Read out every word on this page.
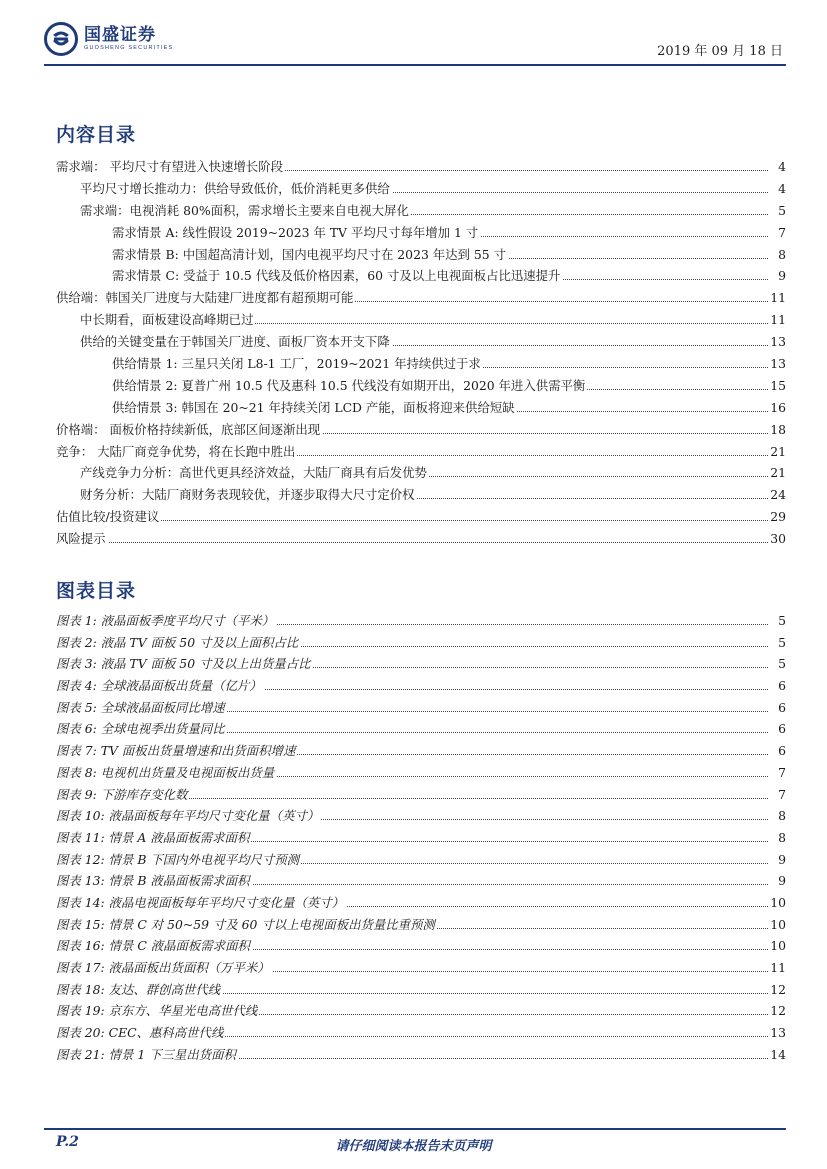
国盛证券
GUOSHENG SECURITIES	2019 年 09 月 18 日
内容目录
需求端： 平均尺寸有望进入快速增长阶段	4
平均尺寸增长推动力：供给导致低价，低价消耗更多供给	4
需求端：电视消耗 80%面积，需求增长主要来自电视大屏化	5
需求情景 A: 线性假设 2019~2023 年 TV 平均尺寸每年增加 1 寸	7
需求情景 B: 中国超高清计划，国内电视平均尺寸在 2023 年达到 55 寸	8
需求情景 C: 受益于 10.5 代线及低价格因素，60 寸及以上电视面板占比迅速提升	9
供给端：韩国关厂进度与大陆建厂进度都有超预期可能	11
中长期看，面板建设高峰期已过	11
供给的关键变量在于韩国关厂进度、面板厂资本开支下降	13
供给情景 1: 三星只关闭 L8-1 工厂，2019~2021 年持续供过于求	13
供给情景 2: 夏普广州 10.5 代及惠科 10.5 代线没有如期开出，2020 年进入供需平衡	15
供给情景 3: 韩国在 20~21 年持续关闭 LCD 产能，面板将迎来供给短缺	16
价格端： 面板价格持续新低，底部区间逐渐出现	18
竞争： 大陆厂商竞争优势，将在长跑中胜出	21
产线竞争力分析：高世代更具经济效益，大陆厂商具有后发优势	21
财务分析：大陆厂商财务表现较优，并逐步取得大尺寸定价权	24
估值比较/投资建议	29
风险提示	30
图表目录
图表 1: 液晶面板季度平均尺寸（平米）	5
图表 2: 液晶 TV 面板 50 寸及以上面积占比	5
图表 3: 液晶 TV 面板 50 寸及以上出货量占比	5
图表 4: 全球液晶面板出货量（亿片）	6
图表 5: 全球液晶面板同比增速	6
图表 6: 全球电视季出货量同比	6
图表 7: TV 面板出货量增速和出货面积增速	6
图表 8: 电视机出货量及电视面板出货量	7
图表 9: 下游库存变化数	7
图表 10: 液晶面板每年平均尺寸变化量（英寸）	8
图表 11: 情景 A 液晶面板需求面积	8
图表 12: 情景 B 下国内外电视平均尺寸预测	9
图表 13: 情景 B 液晶面板需求面积	9
图表 14: 液晶电视面板每年平均尺寸变化量（英寸）	10
图表 15: 情景 C 对 50~59 寸及 60 寸以上电视面板出货量比重预测	10
图表 16: 情景 C 液晶面板需求面积	10
图表 17: 液晶面板出货面积（万平米）	11
图表 18: 友达、群创高世代线	12
图表 19: 京东方、华星光电高世代线	12
图表 20: CEC、惠科高世代线	13
图表 21: 情景 1 下三星出货面积	14
P.2	请仔细阅读本报告末页声明
